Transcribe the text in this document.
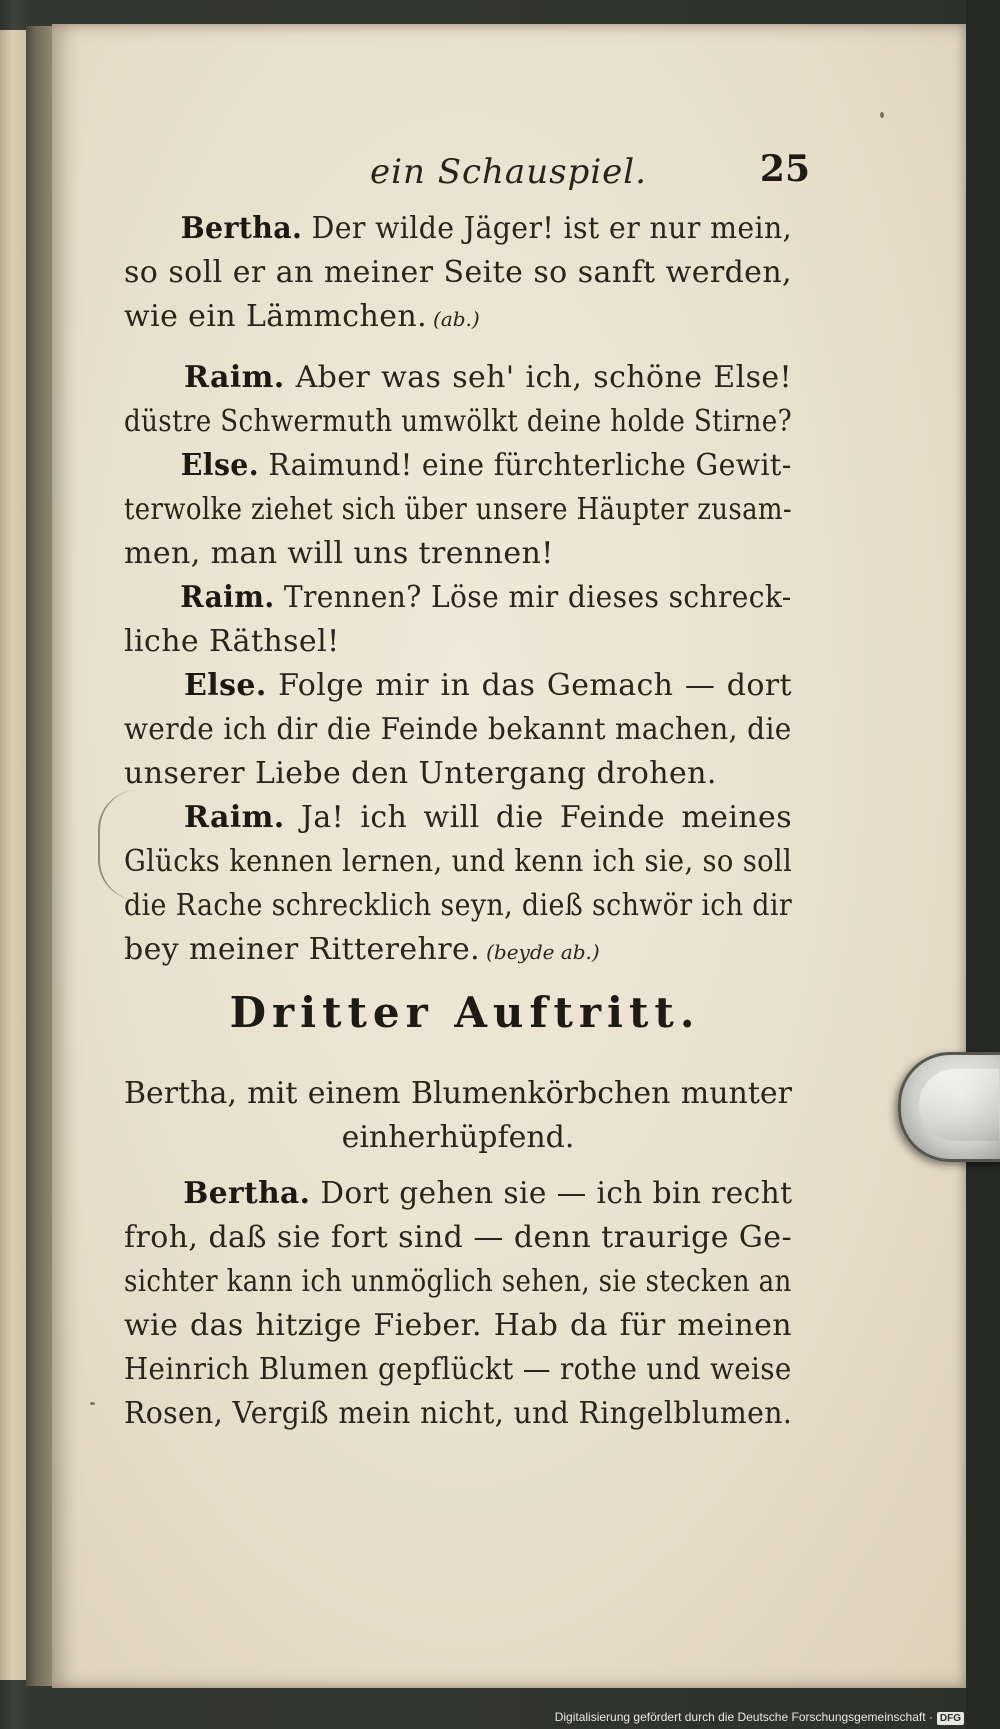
ein Schauspiel.	25
Bertha. Der wilde Jäger! ist er nur mein,
so soll er an meiner Seite so sanft werden,
wie ein Lämmchen. (ab.)
Raim. Aber was seh' ich, schöne Else!
düstre Schwermuth umwölkt deine holde Stirne?
Else. Raimund! eine fürchterliche Gewit-
terwolke ziehet sich über unsere Häupter zusam-
men, man will uns trennen!
Raim. Trennen? Löse mir dieses schreck-
liche Räthsel!
Else. Folge mir in das Gemach — dort
werde ich dir die Feinde bekannt machen, die
unserer Liebe den Untergang drohen.
Raim. Ja! ich will die Feinde meines
Glücks kennen lernen, und kenn ich sie, so soll
die Rache schrecklich seyn, dieß schwör ich dir
bey meiner Ritterehre. (beyde ab.)
Dritter Auftritt.
Bertha, mit einem Blumenkörbchen munter
einherhüpfend.
Bertha. Dort gehen sie — ich bin recht
froh, daß sie fort sind — denn traurige Ge-
sichter kann ich unmöglich sehen, sie stecken an
wie das hitzige Fieber. Hab da für meinen
Heinrich Blumen gepflückt — rothe und weise
Rosen, Vergiß mein nicht, und Ringelblumen.
Digitalisierung gefördert durch die Deutsche Forschungsgemeinschaft · DFG
